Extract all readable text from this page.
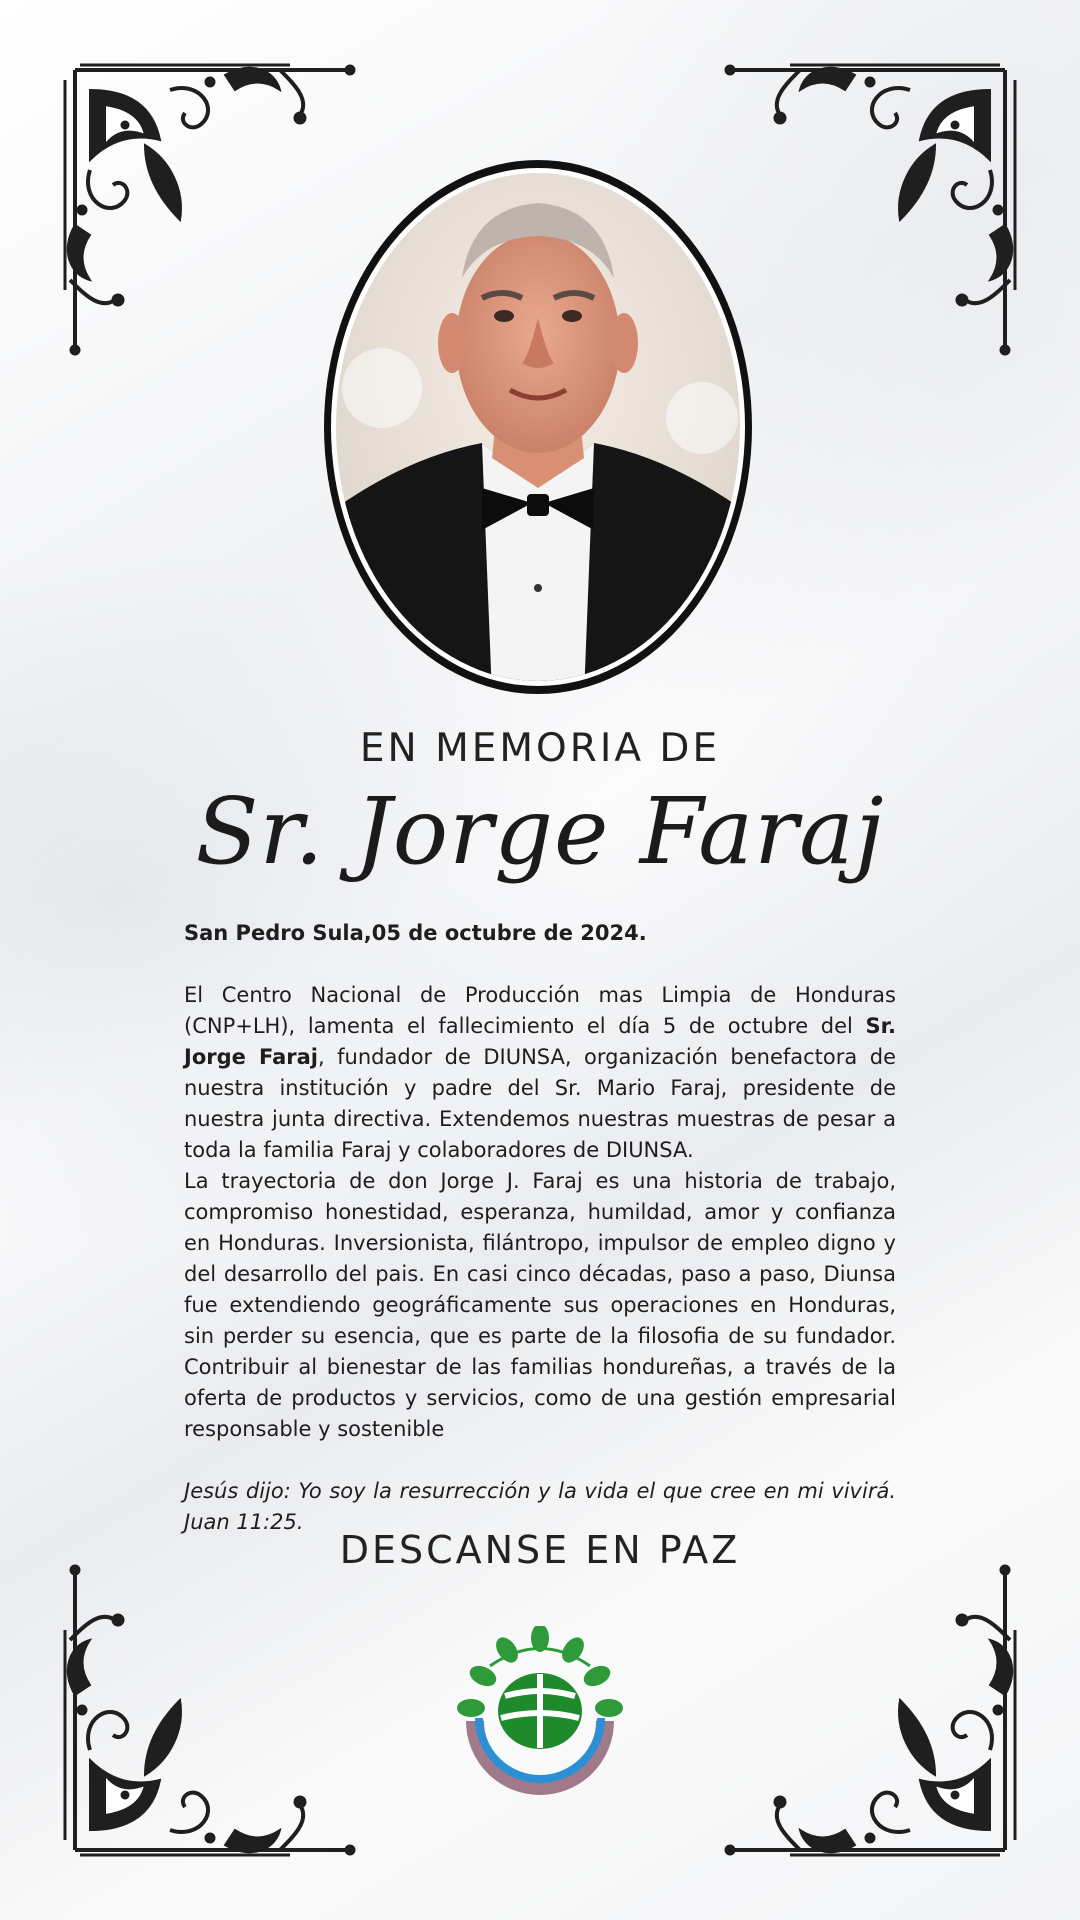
EN MEMORIA DE
Sr. Jorge Faraj

San Pedro Sula,05 de octubre de 2024.

El Centro Nacional de Producción mas Limpia de Honduras (CNP+LH), lamenta el fallecimiento el día 5 de octubre del Sr. Jorge Faraj, fundador de DIUNSA, organización benefactora de nuestra institución y padre del Sr. Mario Faraj, presidente de nuestra junta directiva. Extendemos nuestras muestras de pesar a toda la familia Faraj y colaboradores de DIUNSA.

La trayectoria de don Jorge J. Faraj es una historia de trabajo, compromiso honestidad, esperanza, humildad, amor y confianza en Honduras. Inversionista, filántropo, impulsor de empleo digno y del desarrollo del pais. En casi cinco décadas, paso a paso, Diunsa fue extendiendo geográficamente sus operaciones en Honduras, sin perder su esencia, que es parte de la filosofia de su fundador. Contribuir al bienestar de las familias hondureñas, a través de la oferta de productos y servicios, como de una gestión empresarial responsable y sostenible

Jesús dijo: Yo soy la resurrección y la vida el que cree en mi vivirá. Juan 11:25.

DESCANSE EN PAZ
